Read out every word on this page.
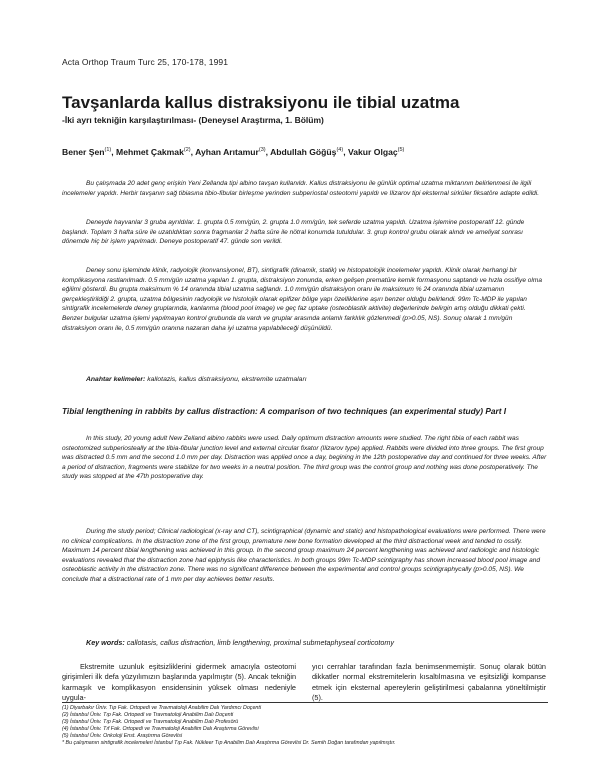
Acta Orthop Traum Turc 25, 170-178, 1991
Tavşanlarda kallus distraksiyonu ile tibial uzatma
-İki ayrı tekniğin karşılaştırılması- (Deneysel Araştırma, 1. Bölüm)
Bener Şen$^{(1)}$, Mehmet Çakmak$^{(2)}$, Ayhan Arıtamur$^{(3)}$, Abdullah Göğüş$^{(4)}$, Vakur Olgaç$^{(5)}$
Bu çalışmada 20 adet genç erişkin Yeni Zellanda tipi albino tavşan kullanıldı. Kallus distraksiyonu ile günlük optimal uzatma miktarının belirlenmesi ile ilgili incelemeler yapıldı. Herbir tavşanın sağ tibiasına tibio-fibular birleşme yerinden subperiostal osteotomi yapıldı ve Ilizarov tipi eksternal sirküler fiksatöre adapte edildi.
Deneyde hayvanlar 3 gruba ayrıldılar. 1. grupta 0.5 mm/gün, 2. grupta 1.0 mm/gün, tek seferde uzatma yapıldı. Uzatma işlemine postoperatif 12. günde başlandı. Toplam 3 hafta süre ile uzatıldıktan sonra fragmanlar 2 hafta süre ile nötral konumda tutuldular. 3. grup kontrol grubu olarak alındı ve ameliyat sonrası dönemde hiç bir işlem yapılmadı. Deneye postoperatif 47. günde son verildi.
Deney sonu işleminde klinik, radyolojik (konvansiyonel, BT), sintigrafik (dinamik, statik) ve histopatolojik incelemeler yapıldı. Klinik olarak herhangi bir komplikasyona rastlanılmadı. 0.5 mm/gün uzatma yapılan 1. grupta, distraksiyon zonunda, erken gelişen prematüre kemik formasyonu saptandı ve hızla ossifiye olma eğilimi gösterdi. Bu grupta maksimum % 14 oranında tibial uzatma sağlandı. 1.0 mm/gün distraksiyon oranı ile maksimum % 24 oranında tibial uzamanın gerçekleştirildiği 2. grupta, uzatma bölgesinin radyolojik ve histolojik olarak epifizer bölge yapı özelliklerine aşırı benzer olduğu belirlendi. 99m Tc-MDP ile yapılan sintigrafik incelemelerde deney gruplarında, kanlanma (blood pool image) ve geç faz uptake (osteoblastik aktivite) değerlerinde belirgin artış olduğu dikkati çekti. Benzer bulgular uzatma işlemi yapılmayan kontrol grubunda da vardı ve gruplar arasında anlamlı farklılık gözlenmedi (p>0.05, NS). Sonuç olarak 1 mm/gün distraksiyon oranı ile, 0.5 mm/gün oranına nazaran daha iyi uzatma yapılabileceği düşünüldü.
Anahtar kelimeler: kallotazis, kallus distraksiyonu, ekstremite uzatmaları
Tibial lengthening in rabbits by callus distraction: A comparison of two techniques (an experimental study) Part I
In this study, 20 young adult New Zelland albino rabbits were used. Daily optimum distraction amounts were studied. The right tibia of each rabbit was osteotomized subperiosteally at the tibia-fibular junction level and external circular fixator (Ilizarov type) applied. Rabbits were divided into three groups. The first group was distracted 0.5 mm and the second 1.0 mm per day. Distraction was applied once a day, begining in the 12th postoperative day and continued for three weeks. After a period of distraction, fragments were stabilize for two weeks in a neutral position. The third group was the control group and nothing was done postoperatively. The study was stopped at the 47th postoperative day.
During the study period; Clinical radiological (x-ray and CT), scintigraphical (dynamic and static) and histopathological evaluations were performed. There were no clinical complications. In the distraction zone of the first group, premature new bone formation developed at the third distractional week and tended to ossify. Maximum 14 percent tibial lengthening was achieved in this group. In the second group maximum 24 percent lengthening was achieved and radiologic and histologic evaluations revealed that the distraction zone had epiphysis like characteristics. In both groups 99m Tc-MDP scintigraphy has shown increased blood pool image and osteoblastic activity in the distraction zone. There was no significant difference between the experimental and control groups scintigraphycally (p>0.05, NS). We conclude that a distractional rate of 1 mm per day achieves better results.
Key words: callotasis, callus distraction, limb lengthening, proximal submetaphyseal corticotomy
Ekstremite uzunluk eşitsizliklerini gidermek amacıyla osteotomi girişimleri ilk defa yüzyılımızın başlarında yapılmıştır (5). Ancak tekniğin karmaşık ve komplikasyon ensidensinin yüksek olması nedeniyle uygula-
yıcı cerrahlar tarafından fazla benimsenmemiştir. Sonuç olarak bütün dikkatler normal ekstremitelerin kısaltılmasına ve eşitsizliği kompanse etmek için eksternal apereylerin geliştirilmesi çabalarına yöneltilmiştir (5).
(1) Diyarbakır Üniv. Tıp Fak. Ortopedi ve Travmatoloji Anabilim Dalı Yardımcı Doçenti
(2) İstanbul Üniv. Tıp Fak. Ortopedi ve Travmatoloji Anabilim Dalı Doçenti
(3) İstanbul Üniv. Tıp Fak. Ortopedi ve Travmatoloji Anabilim Dalı Profesörü
(4) İstanbul Üniv. Tıf Fak. Ortopedi ve Travmatoloji Anabilim Dalı Araştırma Görevlisi
(5) İstanbul Üniv. Onkoloji Enst. Araştırma Görevlisi
* Bu çalışmanın sintigrafik incelemeleri İstanbul Tıp Fak. Nükleer Tıp Anabilim Dalı Araştırma Görevlisi Dr. Semih Doğan tarafından yapılmıştır.
